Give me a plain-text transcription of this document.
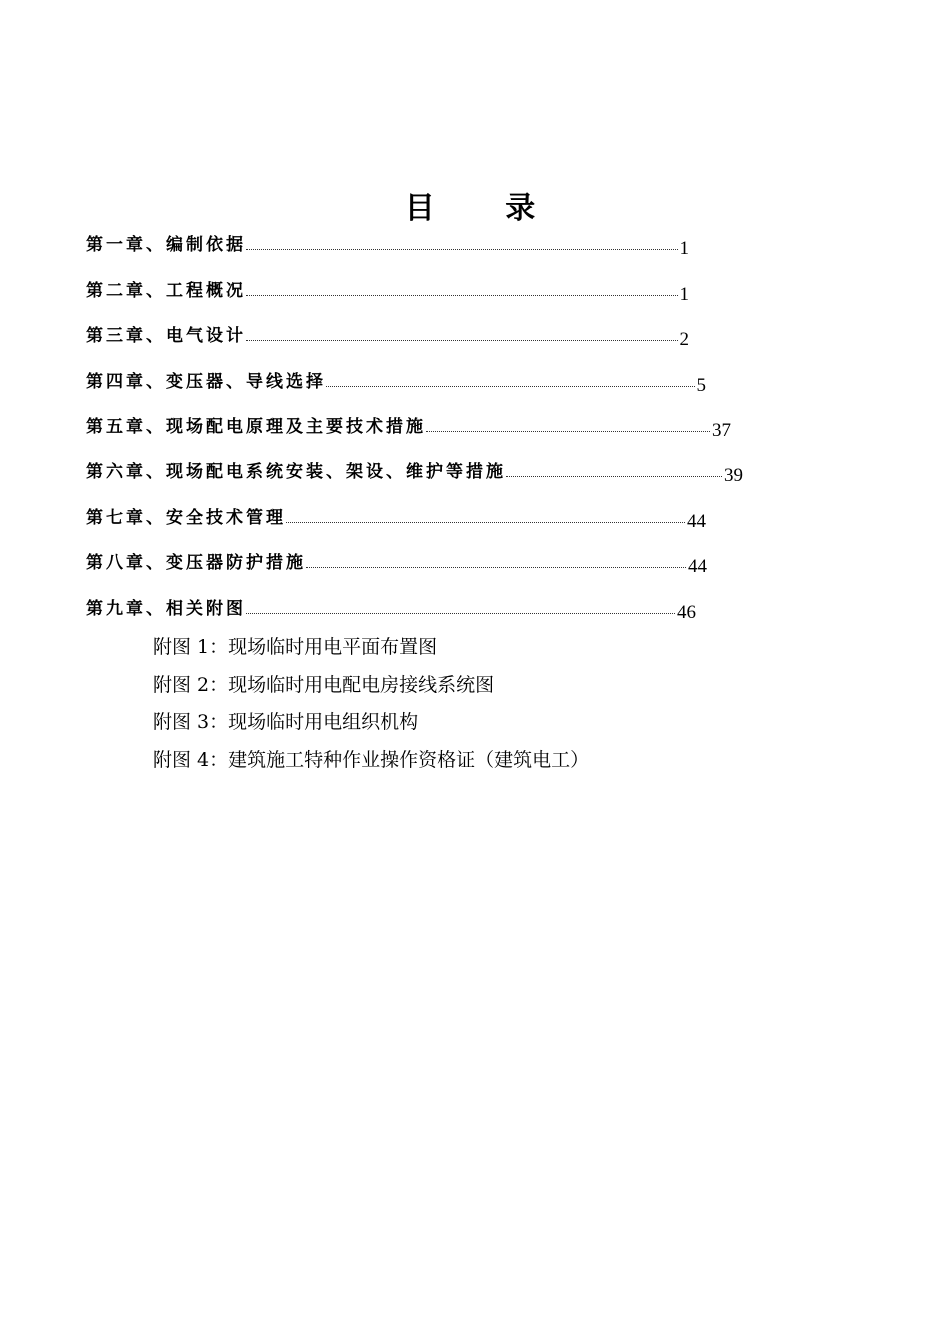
目 录
第一章、编制依据	1
第二章、工程概况	1
第三章、电气设计	2
第四章、变压器、导线选择	5
第五章、现场配电原理及主要技术措施	37
第六章、现场配电系统安装、架设、维护等措施	39
第七章、安全技术管理	44
第八章、变压器防护措施	44
第九章、相关附图	46
附图 1：现场临时用电平面布置图
附图 2：现场临时用电配电房接线系统图
附图 3：现场临时用电组织机构
附图 4：建筑施工特种作业操作资格证（建筑电工）
